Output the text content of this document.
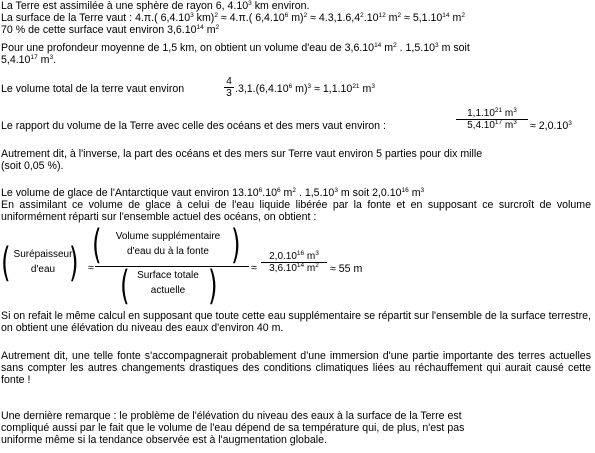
La Terre est assimilée à une sphère de rayon 6, 4.10$^3$ km environ.
La surface de la Terre vaut : 4.π.( 6,4.10$^3$ km)$^2$ ≈ 4.π.( 6,4.10$^6$ $m)^2 \approx 4.3,1.6,4^2.10^{12}$ $m^2 \approx 5,1.10^{14}$ $m^2$
70 % de cette surface vaut environ 3,6.10$^{14}$ $m^2$
Pour une profondeur moyenne de 1,5 km, on obtient un volume d'eau de 3,6.10$^{14}$ $m^2$ . 1,5.10$^3$ m soit
5,4.10$^{17}$ $m^3$.
Le volume total de la terre vaut environ	$\frac{4}{3} .3,1.(6,4.10^6$ $m)^3 \approx 1,1.10^{21}$ $m^3$
Le rapport du volume de la Terre avec celle des océans et des mers vaut environ :	$\frac{1,1.10^{21} m^3}{5,4.10^{17} m^3} \approx 2,0.10^3$
Autrement dit, à l'inverse, la part des océans et des mers sur Terre vaut environ 5 parties pour dix mille
(soit 0,05 %).
Le volume de glace de l'Antarctique vaut environ $13.10^6.10^6$ $m^2$ . 1,5.10$^3$ m soit 2,0.10$^{16}$ $m^3$
En assimilant ce volume de glace à celui de l'eau liquide libérée par la fonte et en supposant ce surcroît de volume uniformément réparti sur l'ensemble actuel des océans, on obtient :
( Surépaisseur
d'eau ) ≈
(	Volume supplémentaire
d'eau du à la fonte )
( Surface totale
actuelle )	≈ $\frac{2,0.10^{16} m^3}{3,6.10^{14} m^2} \approx 55$ m
Si on refait le même calcul en supposant que toute cette eau supplémentaire se répartit sur l'ensemble de la surface terrestre, on obtient une élévation du niveau des eaux d'environ 40 m.
Autrement dit, une telle fonte s'accompagnerait probablement d'une immersion d'une partie importante des terres actuelles sans compter les autres changements drastiques des conditions climatiques liées au réchauffement qui aurait causé cette fonte !
Une dernière remarque : le problème de l'élévation du niveau des eaux à la surface de la Terre est
compliqué aussi par le fait que le volume de l'eau dépend de sa température qui, de plus, n'est pas
uniforme même si la tendance observée est à l'augmentation globale.
